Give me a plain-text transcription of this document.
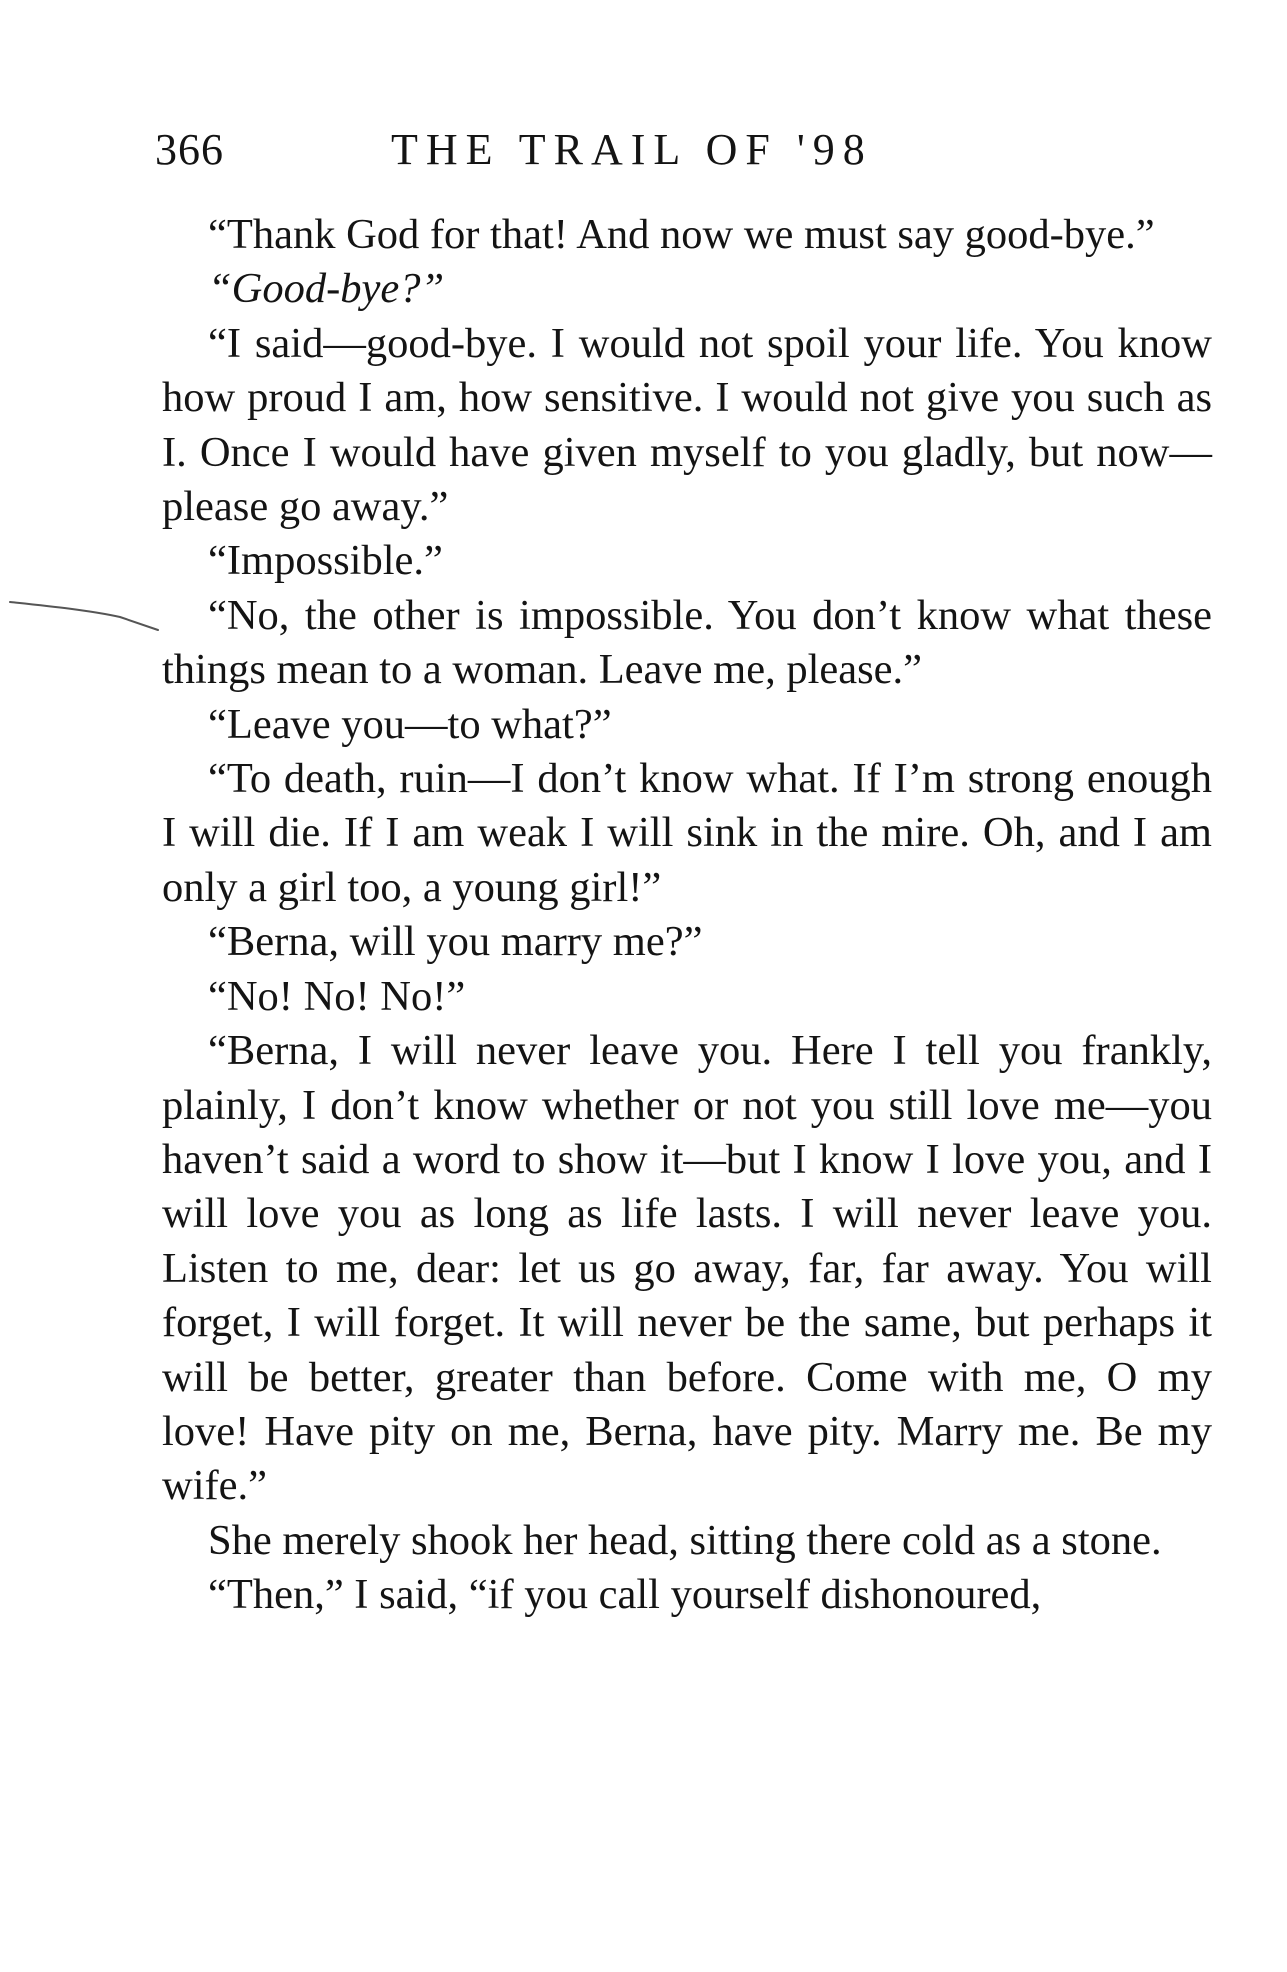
366	THE TRAIL OF '98

“Thank God for that! And now we must say good-bye.”

“Good-bye?”

“I said—good-bye. I would not spoil your life. You know how proud I am, how sensitive. I would not give you such as I. Once I would have given myself to you gladly, but now—please go away.”

“Impossible.”

“No, the other is impossible. You don’t know what these things mean to a woman. Leave me, please.”

“Leave you—to what?”

“To death, ruin—I don’t know what. If I’m strong enough I will die. If I am weak I will sink in the mire. Oh, and I am only a girl too, a young girl!”

“Berna, will you marry me?”

“No! No! No!”

“Berna, I will never leave you. Here I tell you frankly, plainly, I don’t know whether or not you still love me—you haven’t said a word to show it—but I know I love you, and I will love you as long as life lasts. I will never leave you. Listen to me, dear: let us go away, far, far away. You will forget, I will forget. It will never be the same, but perhaps it will be better, greater than before. Come with me, O my love! Have pity on me, Berna, have pity. Marry me. Be my wife.”

She merely shook her head, sitting there cold as a stone.

“Then,” I said, “if you call yourself dishonoured,
